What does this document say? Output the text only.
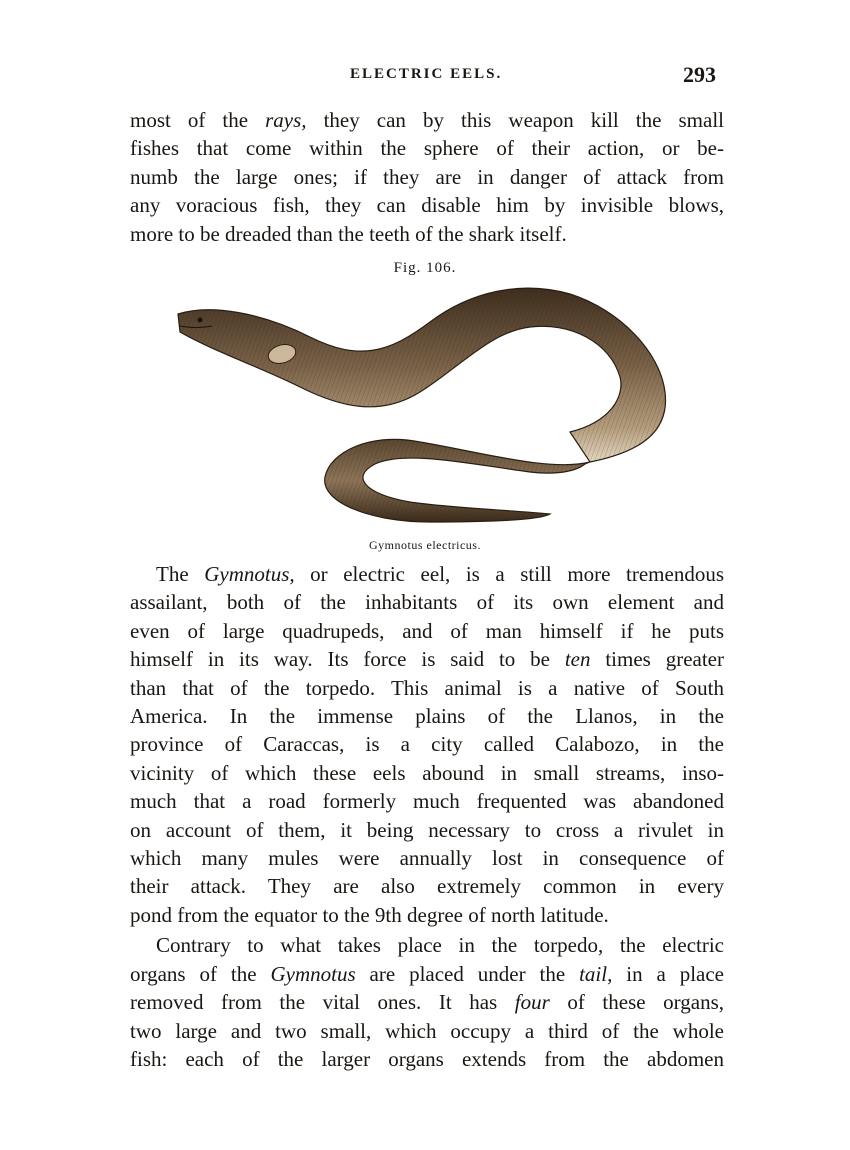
ELECTRIC EELS.	293

most of the rays, they can by this weapon kill the small
fishes that come within the sphere of their action, or be-
numb the large ones; if they are in danger of attack from
any voracious fish, they can disable him by invisible blows,
more to be dreaded than the teeth of the shark itself.

Fig. 106.
Gymnotus electricus.

The Gymnotus, or electric eel, is a still more tremendous
assailant, both of the inhabitants of its own element and
even of large quadrupeds, and of man himself if he puts
himself in its way. Its force is said to be ten times greater
than that of the torpedo. This animal is a native of South
America. In the immense plains of the Llanos, in the
province of Caraccas, is a city called Calabozo, in the
vicinity of which these eels abound in small streams, inso-
much that a road formerly much frequented was abandoned
on account of them, it being necessary to cross a rivulet in
which many mules were annually lost in consequence of
their attack. They are also extremely common in every
pond from the equator to the 9th degree of north latitude.

Contrary to what takes place in the torpedo, the electric
organs of the Gymnotus are placed under the tail, in a place
removed from the vital ones. It has four of these organs,
two large and two small, which occupy a third of the whole
fish: each of the larger organs extends from the abdomen
